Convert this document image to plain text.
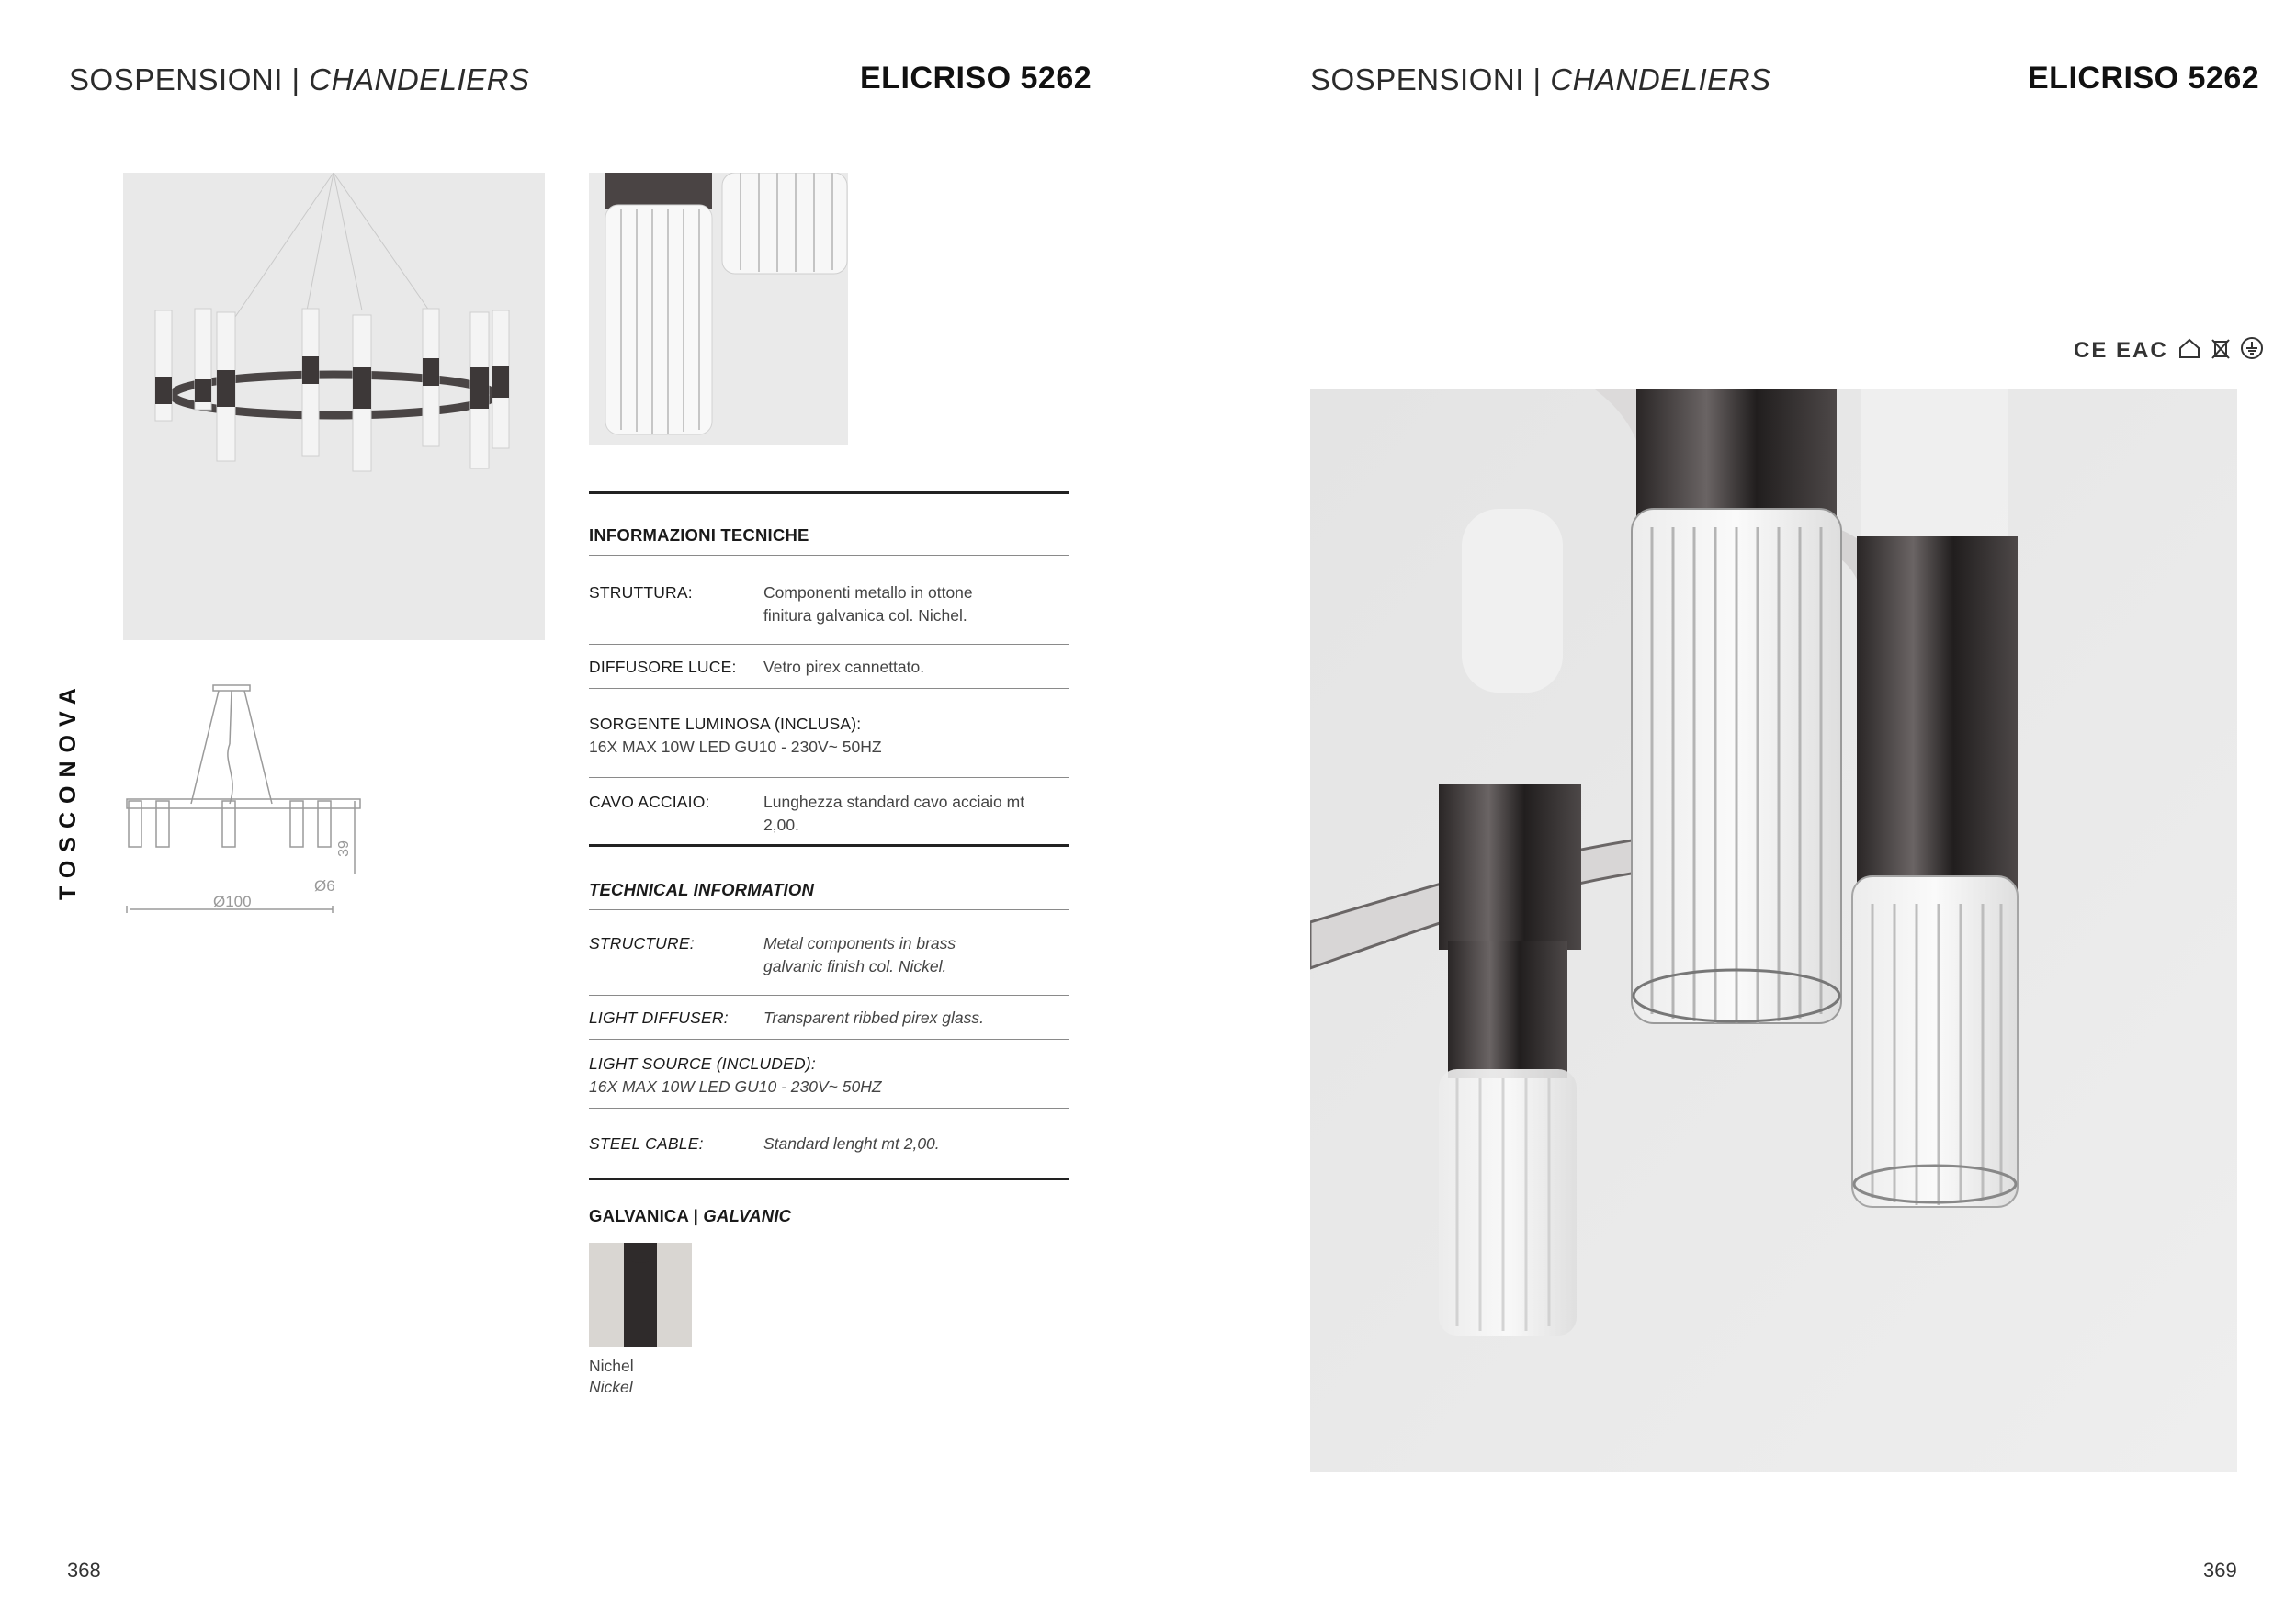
SOSPENSIONI | CHANDELIERS	ELICRISO 5262
39
Ø6
Ø100
TOSCONOVA
INFORMAZIONI TECNICHE
STRUTTURA:	Componenti metallo in ottone finitura galvanica col. Nichel.
DIFFUSORE LUCE:	Vetro pirex cannettato.
SORGENTE LUMINOSA (INCLUSA):
16X MAX 10W LED GU10 - 230V~ 50HZ
CAVO ACCIAIO:	Lunghezza standard cavo acciaio mt 2,00.
TECHNICAL INFORMATION
STRUCTURE:	Metal components in brass galvanic finish col. Nickel.
LIGHT DIFFUSER:	Transparent ribbed pirex glass.
LIGHT SOURCE (INCLUDED):
16X MAX 10W LED GU10 - 230V~ 50HZ
STEEL CABLE:	Standard lenght mt 2,00.
GALVANICA | GALVANIC
Nichel
Nickel
368
SOSPENSIONI | CHANDELIERS	ELICRISO 5262
CE EAC
369
